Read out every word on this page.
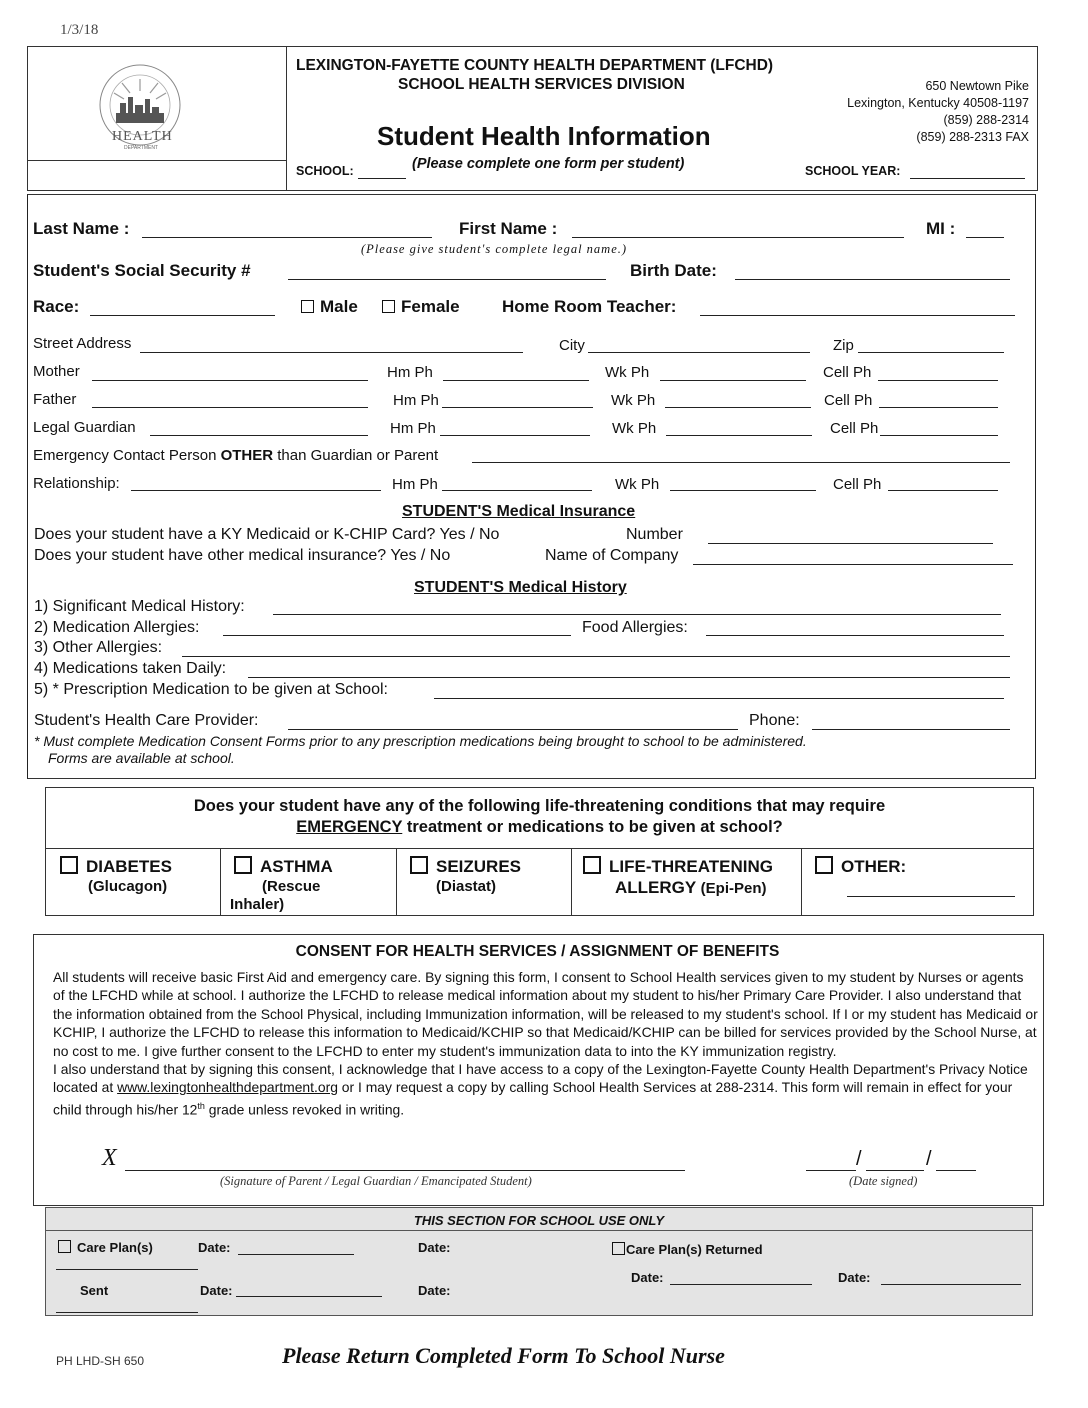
1/3/18
HEALTH
DEPARTMENT
LEXINGTON-FAYETTE COUNTY HEALTH DEPARTMENT (LFCHD)
SCHOOL HEALTH SERVICES DIVISION
Student Health Information
(Please complete one form per student)
SCHOOL:	SCHOOL YEAR:
650 Newtown Pike
Lexington, Kentucky 40508-1197
(859) 288-2314
(859) 288-2313 FAX
Last Name :	First Name :	MI :
(Please give student's complete legal name.)
Student's Social Security #	Birth Date:
Race:	Male	Female Home Room Teacher:
Street Address	City	Zip
Mother	Hm Ph	Wk Ph	Cell Ph
Father	Hm Ph	Wk Ph	Cell Ph
Legal Guardian	Hm Ph	Wk Ph	Cell Ph
Emergency Contact Person OTHER than Guardian or Parent
Relationship:	Hm Ph	Wk Ph	Cell Ph
STUDENT'S Medical Insurance
Does your student have a KY Medicaid or K-CHIP Card? Yes / No	Number
Does your student have other medical insurance? Yes / No	Name of Company
STUDENT'S Medical History
1) Significant Medical History:
2) Medication Allergies:	Food Allergies:
3) Other Allergies:
4) Medications taken Daily:
5) * Prescription Medication to be given at School:
Student's Health Care Provider:	Phone:
* Must complete Medication Consent Forms prior to any prescription medications being brought to school to be administered.
Forms are available at school.
Does your student have any of the following life-threatening conditions that may require
EMERGENCY treatment or medications to be given at school?
DIABETES
(Glucagon)
ASTHMA
(Rescue
Inhaler)
SEIZURES
(Diastat)
LIFE-THREATENING
ALLERGY (Epi-Pen)
OTHER:
CONSENT FOR HEALTH SERVICES / ASSIGNMENT OF BENEFITS
All students will receive basic First Aid and emergency care. By signing this form, I consent to School Health services given to my student by Nurses or agents of the LFCHD while at school. I authorize the LFCHD to release medical information about my student to his/her Primary Care Provider. I also understand that the information obtained from the School Physical, including Immunization information, will be released to my student's school. If I or my student has Medicaid or KCHIP, I authorize the LFCHD to release this information to Medicaid/KCHIP so that Medicaid/KCHIP can be billed for services provided by the School Nurse, at no cost to me. I give further consent to the LFCHD to enter my student's immunization data to into the KY immunization registry.
I also understand that by signing this consent, I acknowledge that I have access to a copy of the Lexington-Fayette County Health Department's Privacy Notice located at www.lexingtonhealthdepartment.org or I may request a copy by calling School Health Services at 288-2314. This form will remain in effect for your child through his/her 12th grade unless revoked in writing.
X
(Signature of Parent / Legal Guardian / Emancipated Student)
/	/
(Date signed)
THIS SECTION FOR SCHOOL USE ONLY
Care Plan(s)	Date:	Date:	Care Plan(s) Returned
Sent	Date:	Date:
Date:	Date:
PH LHD-SH 650	Please Return Completed Form To School Nurse
